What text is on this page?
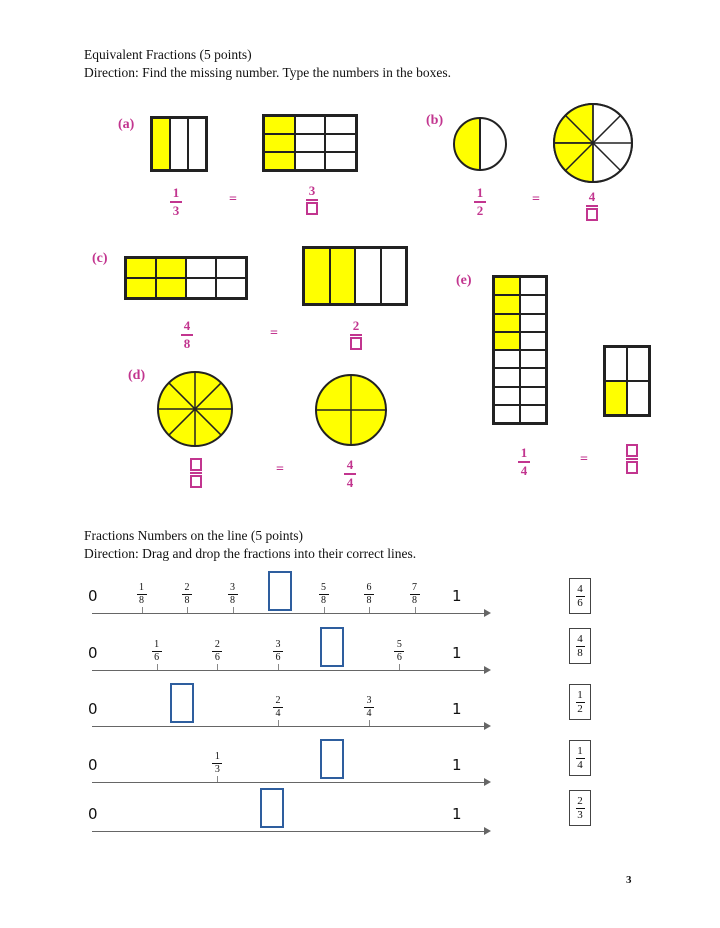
Equivalent Fractions (5 points)
Direction: Find the missing number. Type the numbers in the boxes.
(a)
1
3
=
3
(b)
1
2
=	4
(c)
4
8
=
2
(d)
=	4
4
(e)
1
4
=
Fractions Numbers on the line (5 points)
Direction: Drag and drop the fractions into their correct lines.
0	1
1
8
2
8
3
8
5
8
6
8
7
8
0	1
1
6
2
6
3
6
5
6
0	1
2
4
3
4
0	1
1
3
0	1
4
6
4
8
1
2
1
4
2
3
3
